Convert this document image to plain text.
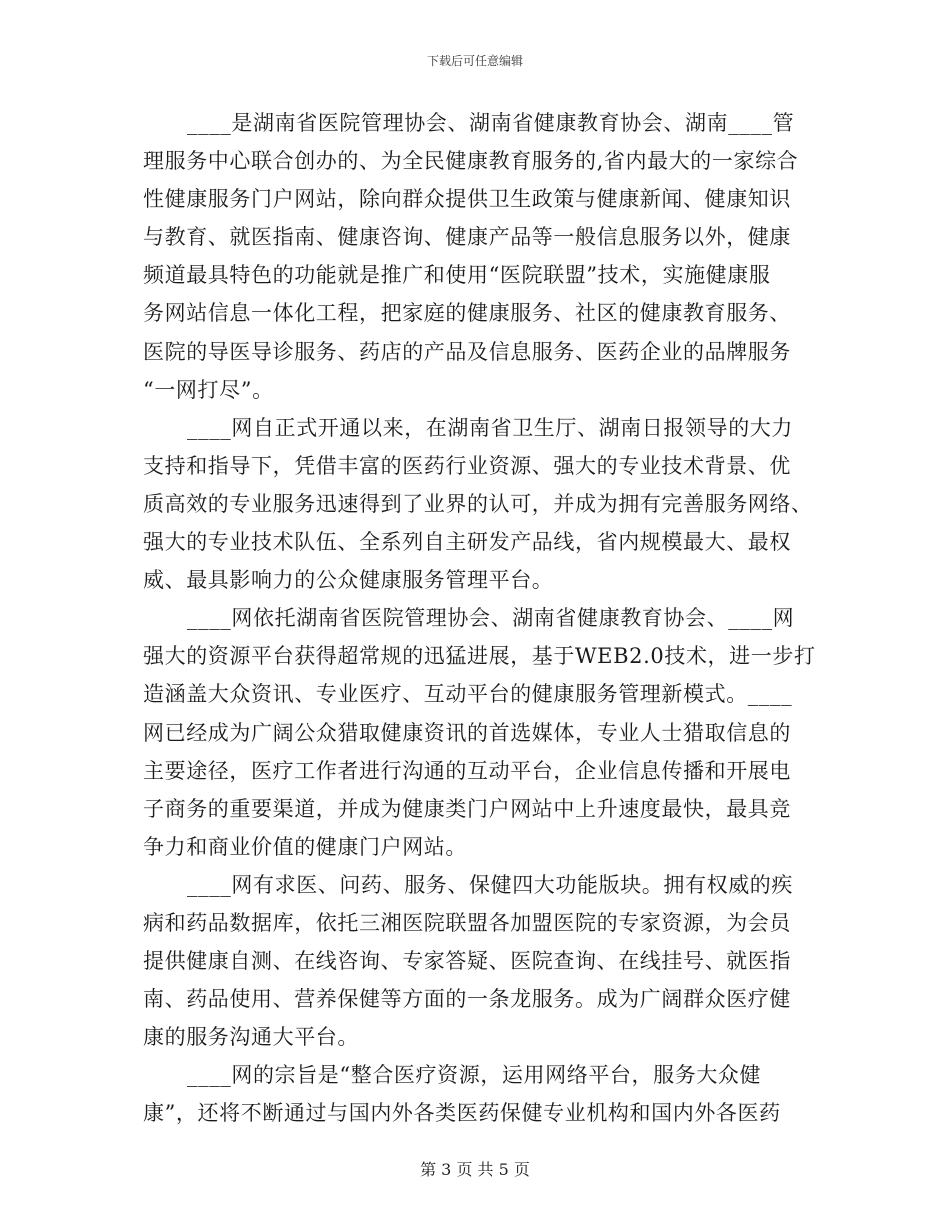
下载后可任意编辑
____是湖南省医院管理协会、湖南省健康教育协会、湖南____管
理服务中心联合创办的、为全民健康教育服务的,省内最大的一家综合
性健康服务门户网站，除向群众提供卫生政策与健康新闻、健康知识
与教育、就医指南、健康咨询、健康产品等一般信息服务以外，健康
频道最具特色的功能就是推广和使用“医院联盟”技术，实施健康服
务网站信息一体化工程，把家庭的健康服务、社区的健康教育服务、
医院的导医导诊服务、药店的产品及信息服务、医药企业的品牌服务
“一网打尽”。
____网自正式开通以来，在湖南省卫生厅、湖南日报领导的大力
支持和指导下，凭借丰富的医药行业资源、强大的专业技术背景、优
质高效的专业服务迅速得到了业界的认可，并成为拥有完善服务网络、
强大的专业技术队伍、全系列自主研发产品线，省内规模最大、最权
威、最具影响力的公众健康服务管理平台。
____网依托湖南省医院管理协会、湖南省健康教育协会、____网
强大的资源平台获得超常规的迅猛进展，基于WEB2.0技术，进一步打
造涵盖大众资讯、专业医疗、互动平台的健康服务管理新模式。____
网已经成为广阔公众猎取健康资讯的首选媒体，专业人士猎取信息的
主要途径，医疗工作者进行沟通的互动平台，企业信息传播和开展电
子商务的重要渠道，并成为健康类门户网站中上升速度最快，最具竞
争力和商业价值的健康门户网站。
____网有求医、问药、服务、保健四大功能版块。拥有权威的疾
病和药品数据库，依托三湘医院联盟各加盟医院的专家资源，为会员
提供健康自测、在线咨询、专家答疑、医院查询、在线挂号、就医指
南、药品使用、营养保健等方面的一条龙服务。成为广阔群众医疗健
康的服务沟通大平台。
____网的宗旨是“整合医疗资源，运用网络平台，服务大众健
康”，还将不断通过与国内外各类医药保健专业机构和国内外各医药
第 3 页 共 5 页
